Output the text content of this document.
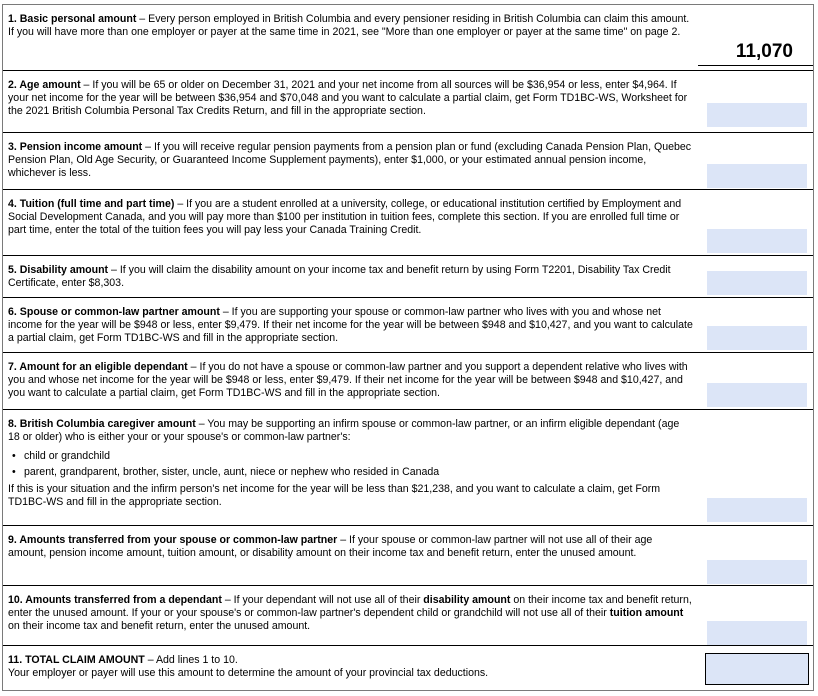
1. Basic personal amount – Every person employed in British Columbia and every pensioner residing in British Columbia can claim this amount. If you will have more than one employer or payer at the same time in 2021, see "More than one employer or payer at the same time" on page 2.
11,070
2. Age amount – If you will be 65 or older on December 31, 2021 and your net income from all sources will be $36,954 or less, enter $4,964. If your net income for the year will be between $36,954 and $70,048 and you want to calculate a partial claim, get Form TD1BC-WS, Worksheet for the 2021 British Columbia Personal Tax Credits Return, and fill in the appropriate section.
3. Pension income amount – If you will receive regular pension payments from a pension plan or fund (excluding Canada Pension Plan, Quebec Pension Plan, Old Age Security, or Guaranteed Income Supplement payments), enter $1,000, or your estimated annual pension income, whichever is less.
4. Tuition (full time and part time) – If you are a student enrolled at a university, college, or educational institution certified by Employment and Social Development Canada, and you will pay more than $100 per institution in tuition fees, complete this section. If you are enrolled full time or part time, enter the total of the tuition fees you will pay less your Canada Training Credit.
5. Disability amount – If you will claim the disability amount on your income tax and benefit return by using Form T2201, Disability Tax Credit Certificate, enter $8,303.
6. Spouse or common-law partner amount – If you are supporting your spouse or common-law partner who lives with you and whose net income for the year will be $948 or less, enter $9,479. If their net income for the year will be between $948 and $10,427, and you want to calculate a partial claim, get Form TD1BC-WS and fill in the appropriate section.
7. Amount for an eligible dependant – If you do not have a spouse or common-law partner and you support a dependent relative who lives with you and whose net income for the year will be $948 or less, enter $9,479. If their net income for the year will be between $948 and $10,427, and you want to calculate a partial claim, get Form TD1BC-WS and fill in the appropriate section.
8. British Columbia caregiver amount – You may be supporting an infirm spouse or common-law partner, or an infirm eligible dependant (age 18 or older) who is either your or your spouse's or common-law partner's:
• child or grandchild
• parent, grandparent, brother, sister, uncle, aunt, niece or nephew who resided in Canada
If this is your situation and the infirm person's net income for the year will be less than $21,238, and you want to calculate a claim, get Form TD1BC-WS and fill in the appropriate section.
9. Amounts transferred from your spouse or common-law partner – If your spouse or common-law partner will not use all of their age amount, pension income amount, tuition amount, or disability amount on their income tax and benefit return, enter the unused amount.
10. Amounts transferred from a dependant – If your dependant will not use all of their disability amount on their income tax and benefit return, enter the unused amount. If your or your spouse's or common-law partner's dependent child or grandchild will not use all of their tuition amount on their income tax and benefit return, enter the unused amount.
11. TOTAL CLAIM AMOUNT – Add lines 1 to 10.
Your employer or payer will use this amount to determine the amount of your provincial tax deductions.
